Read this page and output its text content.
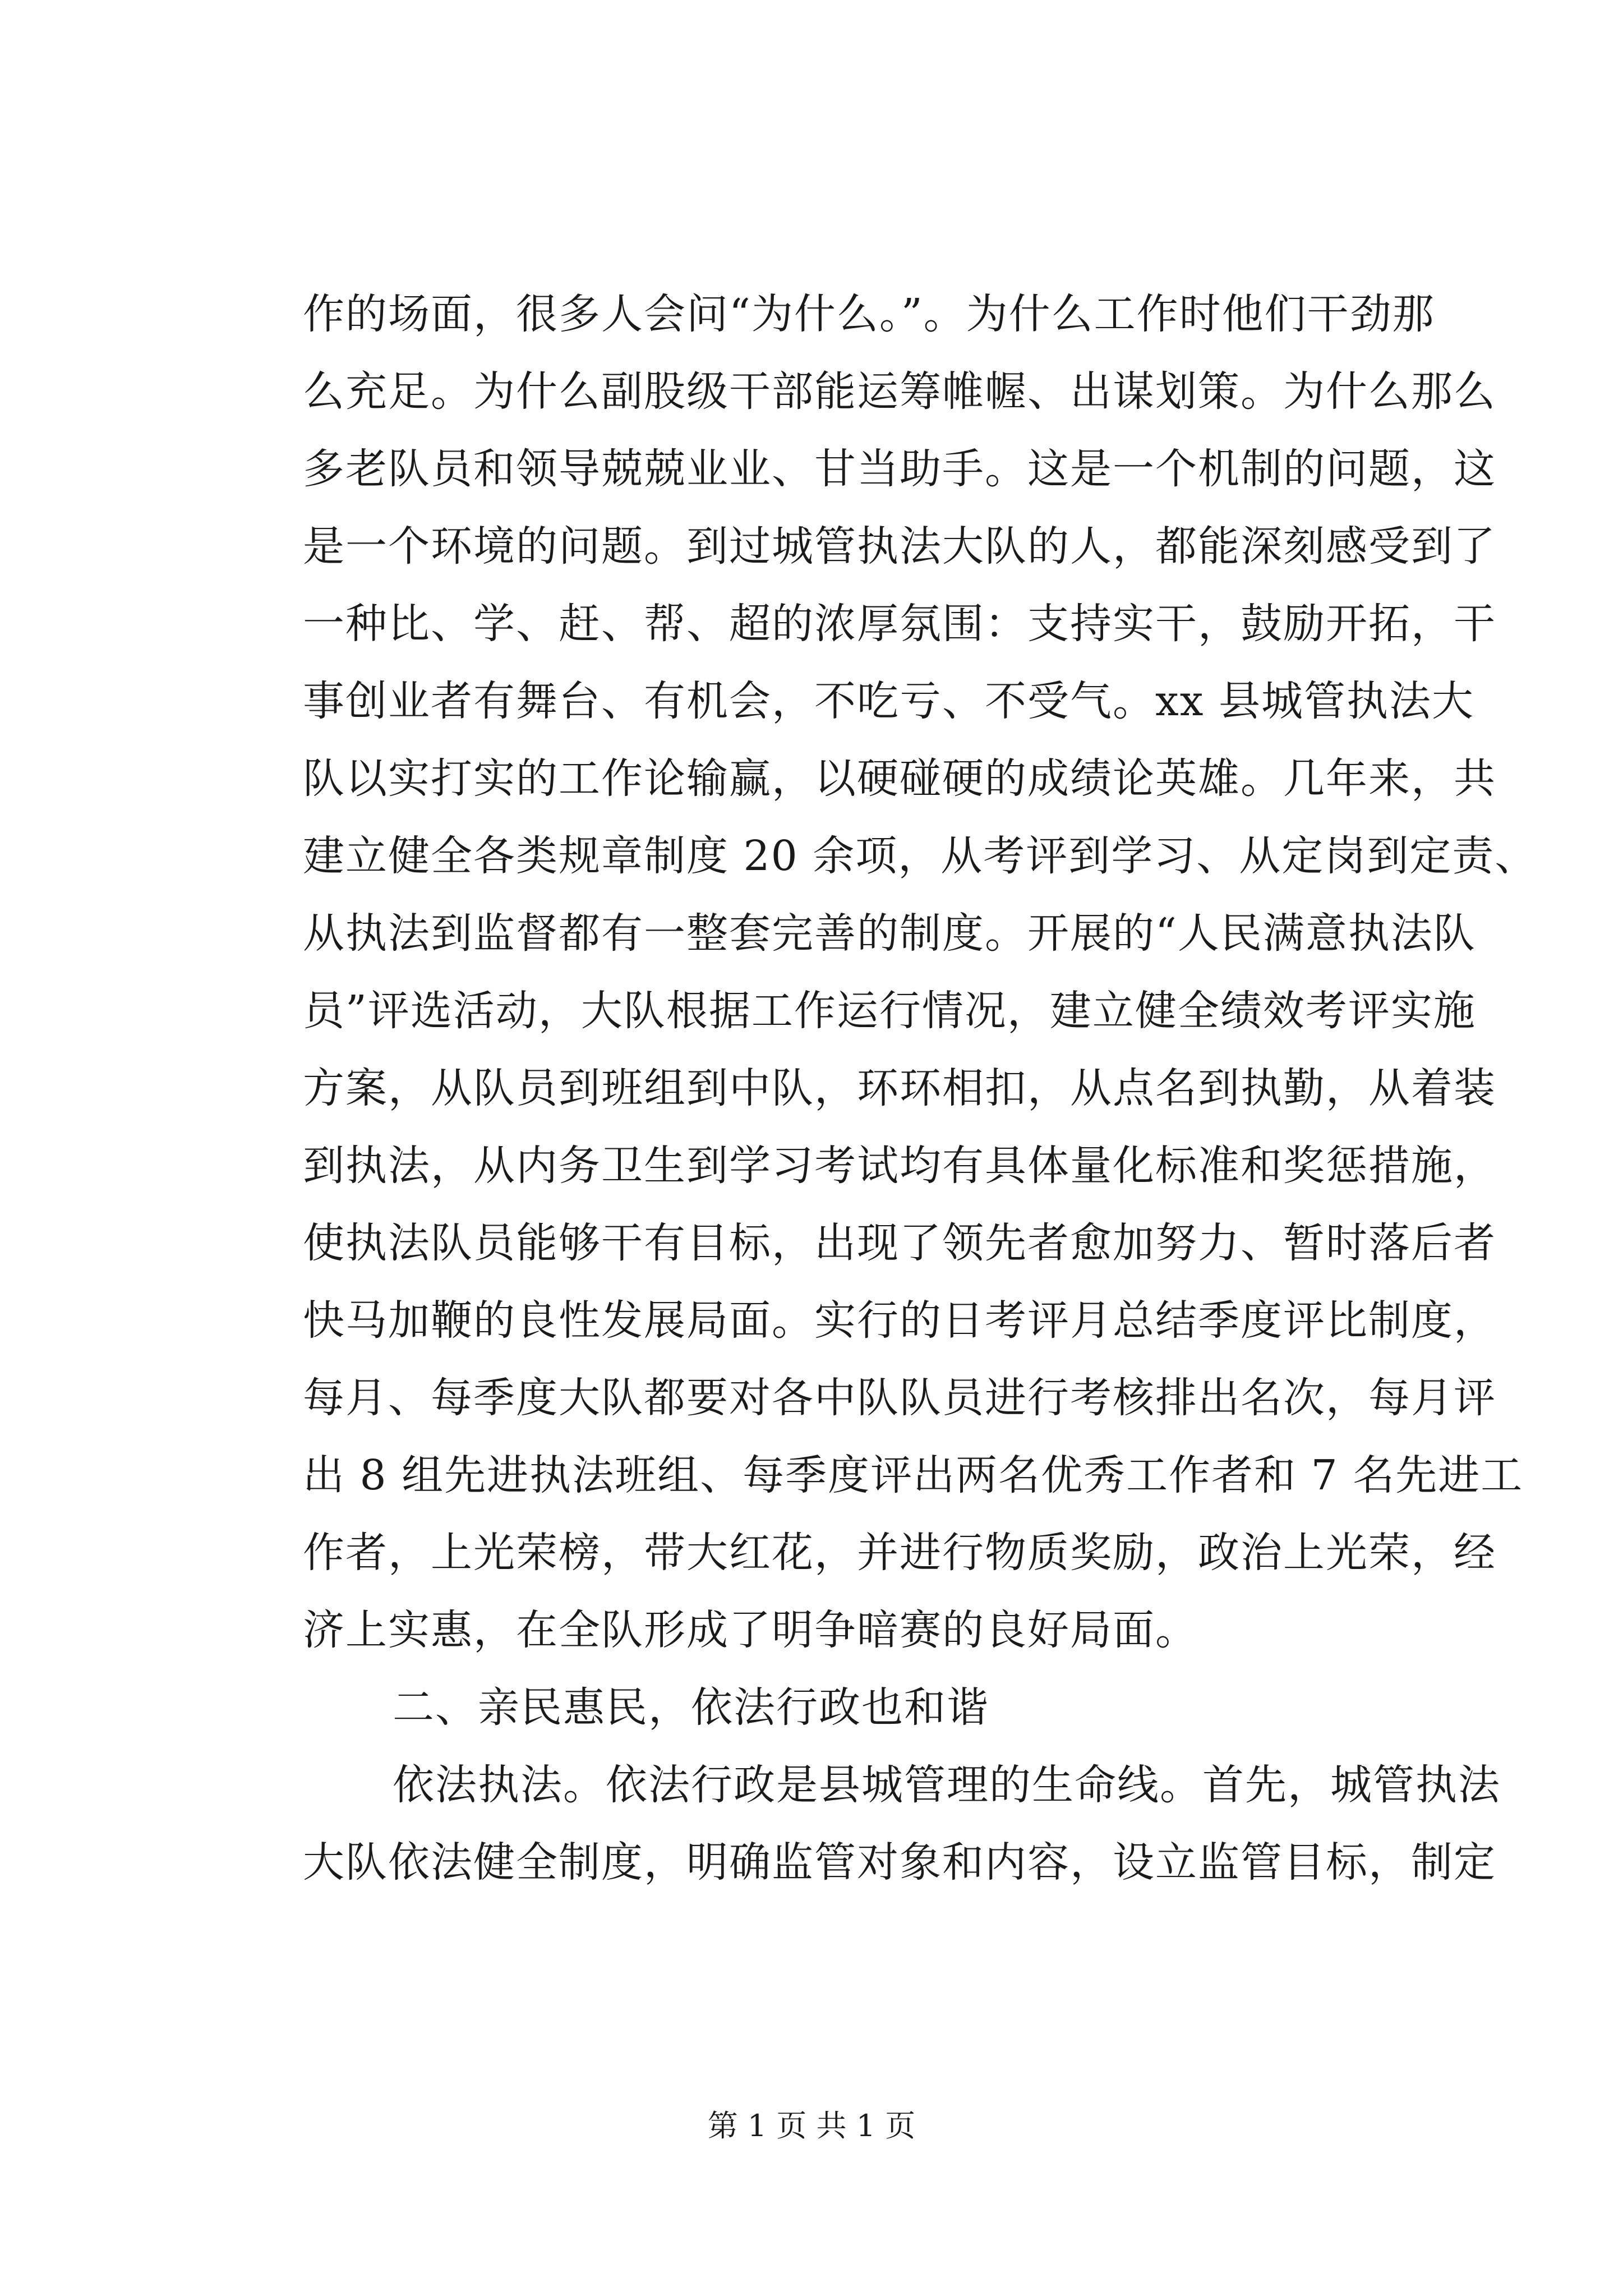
作的场面，很多人会问“为什么。”。为什么工作时他们干劲那
么充足。为什么副股级干部能运筹帷幄、出谋划策。为什么那么
多老队员和领导兢兢业业、甘当助手。这是一个机制的问题，这
是一个环境的问题。到过城管执法大队的人，都能深刻感受到了
一种比、学、赶、帮、超的浓厚氛围：支持实干，鼓励开拓，干
事创业者有舞台、有机会，不吃亏、不受气。xx 县城管执法大
队以实打实的工作论输赢，以硬碰硬的成绩论英雄。几年来，共
建立健全各类规章制度 20 余项，从考评到学习、从定岗到定责、
从执法到监督都有一整套完善的制度。开展的“人民满意执法队
员”评选活动，大队根据工作运行情况，建立健全绩效考评实施
方案，从队员到班组到中队，环环相扣，从点名到执勤，从着装
到执法，从内务卫生到学习考试均有具体量化标准和奖惩措施，
使执法队员能够干有目标，出现了领先者愈加努力、暂时落后者
快马加鞭的良性发展局面。实行的日考评月总结季度评比制度，
每月、每季度大队都要对各中队队员进行考核排出名次，每月评
出 8 组先进执法班组、每季度评出两名优秀工作者和 7 名先进工
作者，上光荣榜，带大红花，并进行物质奖励，政治上光荣，经
济上实惠，在全队形成了明争暗赛的良好局面。
二、亲民惠民，依法行政也和谐
依法执法。依法行政是县城管理的生命线。首先，城管执法
大队依法健全制度，明确监管对象和内容，设立监管目标，制定
第 1 页 共 1 页
